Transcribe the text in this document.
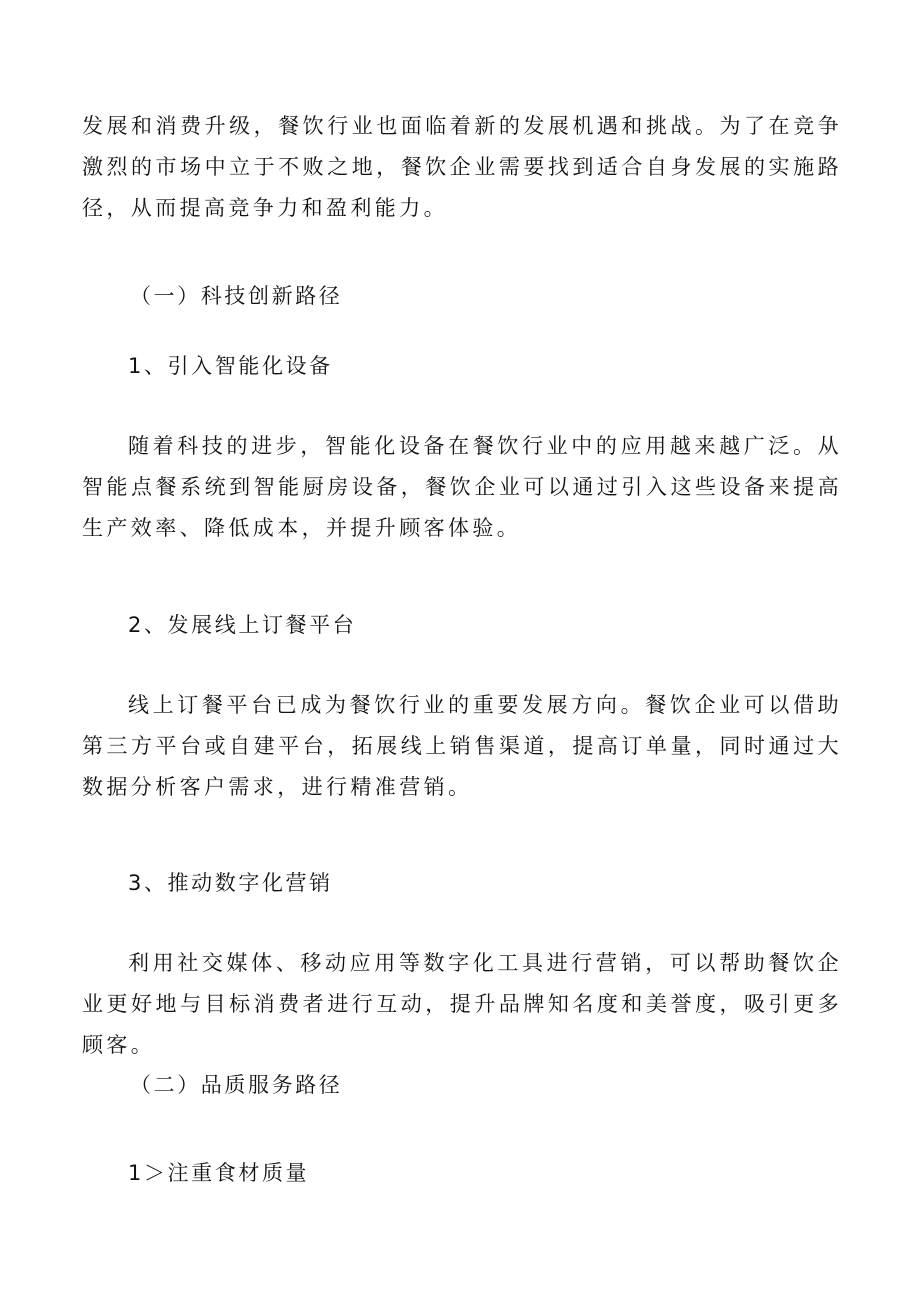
发展和消费升级，餐饮行业也面临着新的发展机遇和挑战。为了在竞争激烈的市场中立于不败之地，餐饮企业需要找到适合自身发展的实施路径，从而提高竞争力和盈利能力。

（一）科技创新路径

1、引入智能化设备

随着科技的进步，智能化设备在餐饮行业中的应用越来越广泛。从智能点餐系统到智能厨房设备，餐饮企业可以通过引入这些设备来提高生产效率、降低成本，并提升顾客体验。

2、发展线上订餐平台

线上订餐平台已成为餐饮行业的重要发展方向。餐饮企业可以借助第三方平台或自建平台，拓展线上销售渠道，提高订单量，同时通过大数据分析客户需求，进行精准营销。

3、推动数字化营销

利用社交媒体、移动应用等数字化工具进行营销，可以帮助餐饮企业更好地与目标消费者进行互动，提升品牌知名度和美誉度，吸引更多顾客。

（二）品质服务路径

1＞注重食材质量
